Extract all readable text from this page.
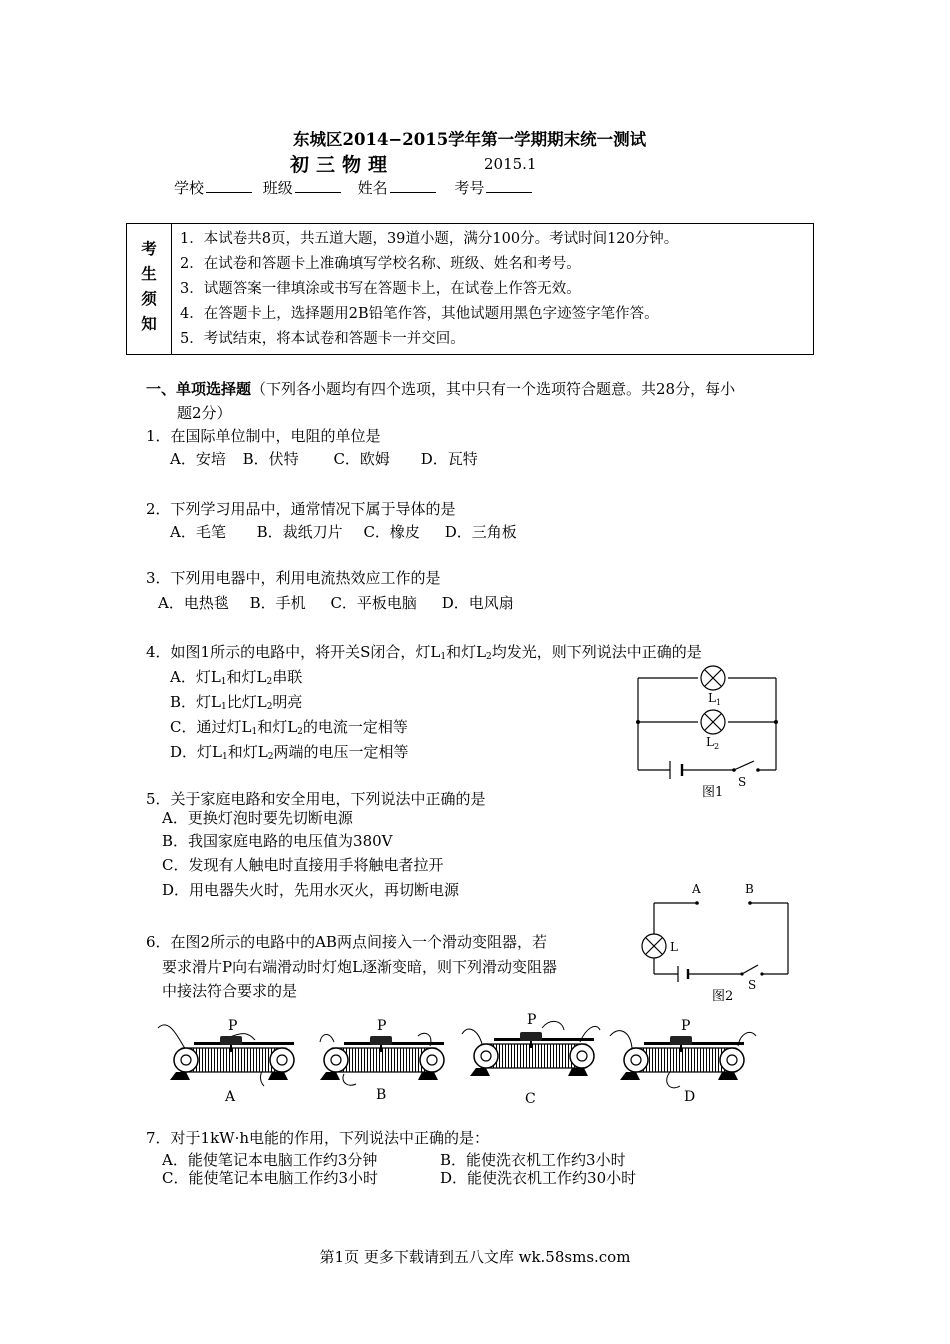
东城区2014−2015学年第一学期期末统一测试
初三物理	2015.1
学校	班级	姓名	考号
考
生
须
知

1．本试卷共8页，共五道大题，39道小题，满分100分。考试时间120分钟。
2．在试卷和答题卡上准确填写学校名称、班级、姓名和考号。
3．试题答案一律填涂或书写在答题卡上，在试卷上作答无效。
4．在答题卡上，选择题用2B铅笔作答，其他试题用黑色字迹签字笔作答。
5．考试结束，将本试卷和答题卡一并交回。
一、单项选择题（下列各小题均有四个选项，其中只有一个选项符合题意。共28分，每小
题2分）
1．在国际单位制中，电阻的单位是
A．安培 B．伏特 C．欧姆 D．瓦特
2．下列学习用品中，通常情况下属于导体的是
A．毛笔 B．裁纸刀片 C．橡皮 D．三角板
3．下列用电器中，利用电流热效应工作的是
A．电热毯 B．手机 C．平板电脑 D．电风扇
4．如图1所示的电路中，将开关S闭合，灯$L_1$和灯$L_2$均发光，则下列说法中正确的是
A．灯$L_1$和灯$L_2$串联
B．灯$L_1$比灯$L_2$明亮
C．通过灯$L_1$和灯$L_2$的电流一定相等
D．灯$L_1$和灯$L_2$两端的电压一定相等
$L_1$
$L_2$
S
图1
5．关于家庭电路和安全用电，下列说法中正确的是
A．更换灯泡时要先切断电源
B．我国家庭电路的电压值为380V
C．发现有人触电时直接用手将触电者拉开
D．用电器失火时，先用水灭火，再切断电源	A	B
L
S
图2
6．在图2所示的电路中的AB两点间接入一个滑动变阻器，若
要求滑片P向右端滑动时灯炮L逐渐变暗，则下列滑动变阻器
中接法符合要求的是
P	P	P	P
A	B	C	D
7．对于1kW·h电能的作用，下列说法中正确的是：
A．能使笔记本电脑工作约3分钟	B．能使洗衣机工作约3小时
C．能使笔记本电脑工作约3小时	D．能使洗衣机工作约30小时
第1页 更多下载请到五八文库 wk.58sms.com
